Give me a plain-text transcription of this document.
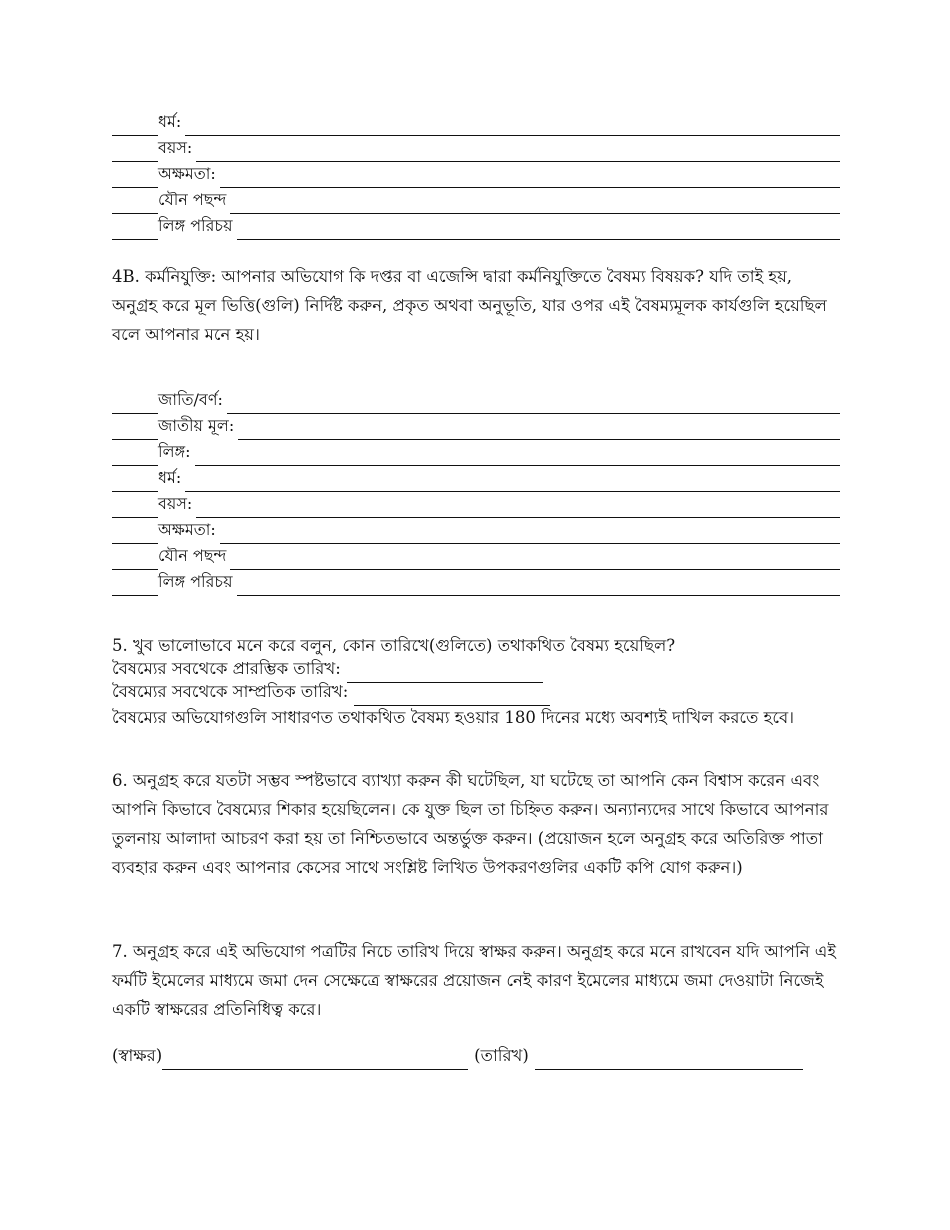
ধর্ম:
বয়স:
অক্ষমতা:
যৌন পছন্দ
লিঙ্গ পরিচয়
4B. কর্মনিযুক্তি: আপনার অভিযোগ কি দপ্তর বা এজেন্সি দ্বারা কর্মনিযুক্তিতে বৈষম্য বিষয়ক? যদি তাই হয়, অনুগ্রহ করে মূল ভিত্তি(গুলি) নির্দিষ্ট করুন, প্রকৃত অথবা অনুভূতি, যার ওপর এই বৈষম্যমূলক কার্যগুলি হয়েছিল বলে আপনার মনে হয়।
জাতি/বর্ণ:
জাতীয় মূল:
লিঙ্গ:
ধর্ম:
বয়স:
অক্ষমতা:
যৌন পছন্দ
লিঙ্গ পরিচয়
5. খুব ভালোভাবে মনে করে বলুন, কোন তারিখে(গুলিতে) তথাকথিত বৈষম্য হয়েছিল?
বৈষম্যের সবথেকে প্রারম্ভিক তারিখ:
বৈষম্যের সবথেকে সাম্প্রতিক তারিখ:
বৈষম্যের অভিযোগগুলি সাধারণত তথাকথিত বৈষম্য হওয়ার 180 দিনের মধ্যে অবশ্যই দাখিল করতে হবে।
6. অনুগ্রহ করে যতটা সম্ভব স্পষ্টভাবে ব্যাখ্যা করুন কী ঘটেছিল, যা ঘটেছে তা আপনি কেন বিশ্বাস করেন এবং আপনি কিভাবে বৈষম্যের শিকার হয়েছিলেন। কে যুক্ত ছিল তা চিহ্নিত করুন। অন্যান্যদের সাথে কিভাবে আপনার তুলনায় আলাদা আচরণ করা হয় তা নিশ্চিতভাবে অন্তর্ভুক্ত করুন। (প্রয়োজন হলে অনুগ্রহ করে অতিরিক্ত পাতা ব্যবহার করুন এবং আপনার কেসের সাথে সংশ্লিষ্ট লিখিত উপকরণগুলির একটি কপি যোগ করুন।)
7. অনুগ্রহ করে এই অভিযোগ পত্রটির নিচে তারিখ দিয়ে স্বাক্ষর করুন। অনুগ্রহ করে মনে রাখবেন যদি আপনি এই ফর্মটি ইমেলের মাধ্যমে জমা দেন সেক্ষেত্রে স্বাক্ষরের প্রয়োজন নেই কারণ ইমেলের মাধ্যমে জমা দেওয়াটা নিজেই একটি স্বাক্ষরের প্রতিনিধিত্ব করে।
(স্বাক্ষর)	(তারিখ)
